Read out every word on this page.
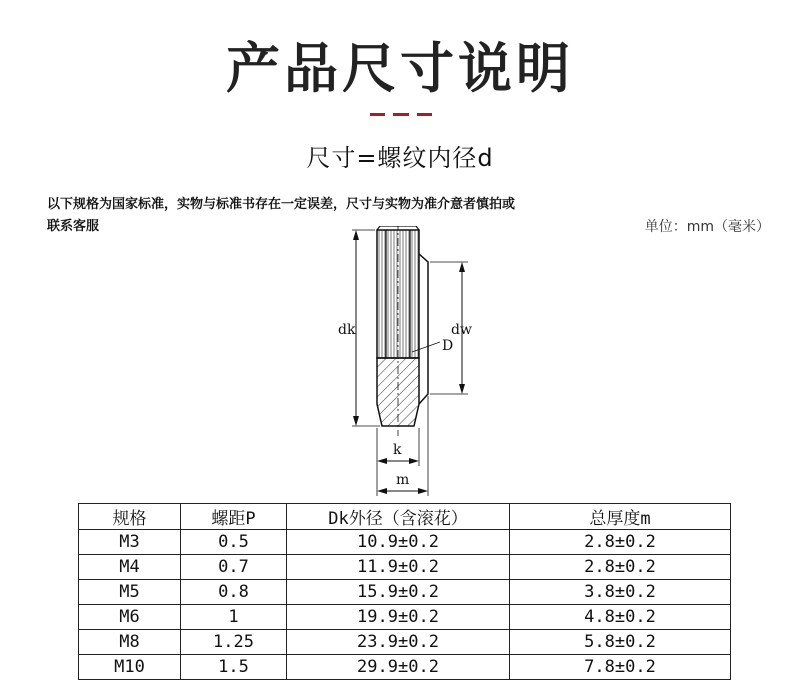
产品尺寸说明
尺寸=螺纹内径d
以下规格为国家标准，实物与标准书存在一定误差，尺寸与实物为准介意者慎拍或
联系客服	单位：mm（毫米）
dk	dw
D
k
m
规格	螺距P	Dk外径（含滚花）	总厚度m
M3	0.5	10.9±0.2	2.8±0.2
M4	0.7	11.9±0.2	2.8±0.2
M5	0.8	15.9±0.2	3.8±0.2
M6	1	19.9±0.2	4.8±0.2
M8	1.25	23.9±0.2	5.8±0.2
M10	1.5	29.9±0.2	7.8±0.2
